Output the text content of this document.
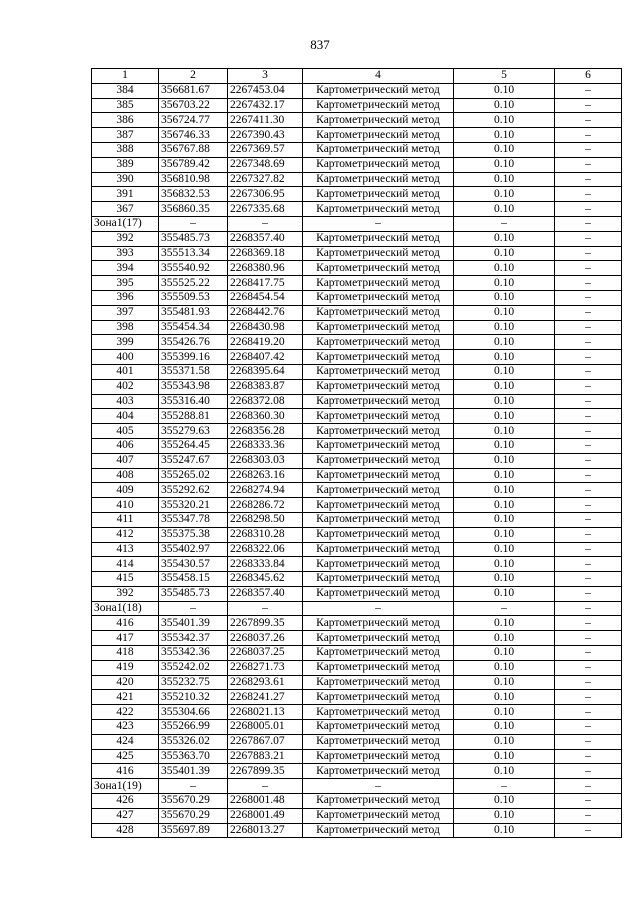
837
1	2	3	4	5	6
384	356681.67	2267453.04	Картометрический метод	0.10	–
385	356703.22	2267432.17	Картометрический метод	0.10	–
386	356724.77	2267411.30	Картометрический метод	0.10	–
387	356746.33	2267390.43	Картометрический метод	0.10	–
388	356767.88	2267369.57	Картометрический метод	0.10	–
389	356789.42	2267348.69	Картометрический метод	0.10	–
390	356810.98	2267327.82	Картометрический метод	0.10	–
391	356832.53	2267306.95	Картометрический метод	0.10	–
367	356860.35	2267335.68	Картометрический метод	0.10	–
Зона1(17)	–	–	–	–	–
392	355485.73	2268357.40	Картометрический метод	0.10	–
393	355513.34	2268369.18	Картометрический метод	0.10	–
394	355540.92	2268380.96	Картометрический метод	0.10	–
395	355525.22	2268417.75	Картометрический метод	0.10	–
396	355509.53	2268454.54	Картометрический метод	0.10	–
397	355481.93	2268442.76	Картометрический метод	0.10	–
398	355454.34	2268430.98	Картометрический метод	0.10	–
399	355426.76	2268419.20	Картометрический метод	0.10	–
400	355399.16	2268407.42	Картометрический метод	0.10	–
401	355371.58	2268395.64	Картометрический метод	0.10	–
402	355343.98	2268383.87	Картометрический метод	0.10	–
403	355316.40	2268372.08	Картометрический метод	0.10	–
404	355288.81	2268360.30	Картометрический метод	0.10	–
405	355279.63	2268356.28	Картометрический метод	0.10	–
406	355264.45	2268333.36	Картометрический метод	0.10	–
407	355247.67	2268303.03	Картометрический метод	0.10	–
408	355265.02	2268263.16	Картометрический метод	0.10	–
409	355292.62	2268274.94	Картометрический метод	0.10	–
410	355320.21	2268286.72	Картометрический метод	0.10	–
411	355347.78	2268298.50	Картометрический метод	0.10	–
412	355375.38	2268310.28	Картометрический метод	0.10	–
413	355402.97	2268322.06	Картометрический метод	0.10	–
414	355430.57	2268333.84	Картометрический метод	0.10	–
415	355458.15	2268345.62	Картометрический метод	0.10	–
392	355485.73	2268357.40	Картометрический метод	0.10	–
Зона1(18)	–	–	–	–	–
416	355401.39	2267899.35	Картометрический метод	0.10	–
417	355342.37	2268037.26	Картометрический метод	0.10	–
418	355342.36	2268037.25	Картометрический метод	0.10	–
419	355242.02	2268271.73	Картометрический метод	0.10	–
420	355232.75	2268293.61	Картометрический метод	0.10	–
421	355210.32	2268241.27	Картометрический метод	0.10	–
422	355304.66	2268021.13	Картометрический метод	0.10	–
423	355266.99	2268005.01	Картометрический метод	0.10	–
424	355326.02	2267867.07	Картометрический метод	0.10	–
425	355363.70	2267883.21	Картометрический метод	0.10	–
416	355401.39	2267899.35	Картометрический метод	0.10	–
Зона1(19)	–	–	–	–	–
426	355670.29	2268001.48	Картометрический метод	0.10	–
427	355670.29	2268001.49	Картометрический метод	0.10	–
428	355697.89	2268013.27	Картометрический метод	0.10	–
